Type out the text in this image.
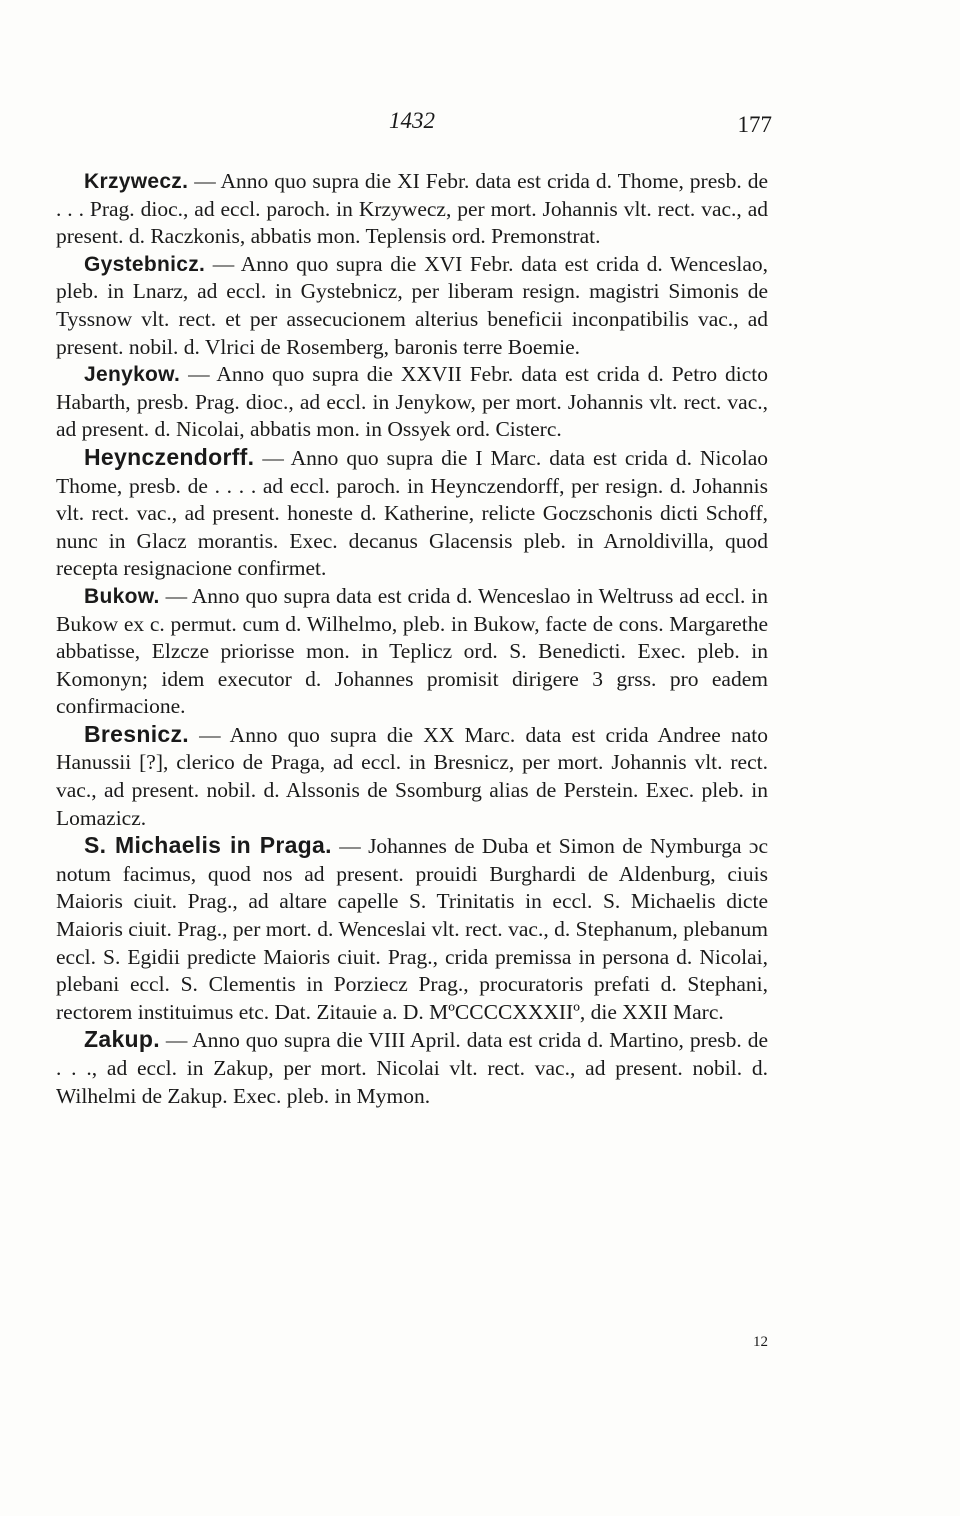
1432	177

Krzywecz. — Anno quo supra die XI Febr. data est crida d. Thome, presb. de . . . Prag. dioc., ad eccl. paroch. in Krzywecz, per mort. Johannis vlt. rect. vac., ad present. d. Raczkonis, abbatis mon. Teplensis ord. Premonstrat.

Gystebnicz. — Anno quo supra die XVI Febr. data est crida d. Wenceslao, pleb. in Lnarz, ad eccl. in Gystebnicz, per liberam resign. magistri Simonis de Tyssnow vlt. rect. et per assecucionem alterius beneficii inconpatibilis vac., ad present. nobil. d. Vlrici de Rosemberg, baronis terre Boemie.

Jenykow. — Anno quo supra die XXVII Febr. data est crida d. Petro dicto Habarth, presb. Prag. dioc., ad eccl. in Jenykow, per mort. Johannis vlt. rect. vac., ad present. d. Nicolai, abbatis mon. in Ossyek ord. Cisterc.

Heynczendorff. — Anno quo supra die I Marc. data est crida d. Nicolao Thome, presb. de . . . . ad eccl. paroch. in Heynczendorff, per resign. d. Johannis vlt. rect. vac., ad present. honeste d. Katherine, relicte Goczschonis dicti Schoff, nunc in Glacz morantis. Exec. decanus Glacensis pleb. in Arnoldivilla, quod recepta resignacione confirmet.

Bukow. — Anno quo supra data est crida d. Wenceslao in Weltruss ad eccl. in Bukow ex c. permut. cum d. Wilhelmo, pleb. in Bukow, facte de cons. Margarethe abbatisse, Elzcze priorisse mon. in Teplicz ord. S. Benedicti. Exec. pleb. in Komonyn; idem executor d. Johannes promisit dirigere 3 grss. pro eadem confirmacione.

Bresnicz. — Anno quo supra die XX Marc. data est crida Andree nato Hanussii [?], clerico de Praga, ad eccl. in Bresnicz, per mort. Johannis vlt. rect. vac., ad present. nobil. d. Alssonis de Ssomburg alias de Perstein. Exec. pleb. in Lomazicz.

S. Michaelis in Praga. — Johannes de Duba et Simon de Nymburga ɔc notum facimus, quod nos ad present. prouidi Burghardi de Aldenburg, ciuis Maioris ciuit. Prag., ad altare capelle S. Trinitatis in eccl. S. Michaelis dicte Maioris ciuit. Prag., per mort. d. Wenceslai vlt. rect. vac., d. Stephanum, plebanum eccl. S. Egidii predicte Maioris ciuit. Prag., crida premissa in persona d. Nicolai, plebani eccl. S. Clementis in Porziecz Prag., procuratoris prefati d. Stephani, rectorem instituimus etc. Dat. Zitauie a. D. MºCCCCXXXIIº, die XXII Marc.

Zakup. — Anno quo supra die VIII April. data est crida d. Martino, presb. de . . ., ad eccl. in Zakup, per mort. Nicolai vlt. rect. vac., ad present. nobil. d. Wilhelmi de Zakup. Exec. pleb. in Mymon.

12
